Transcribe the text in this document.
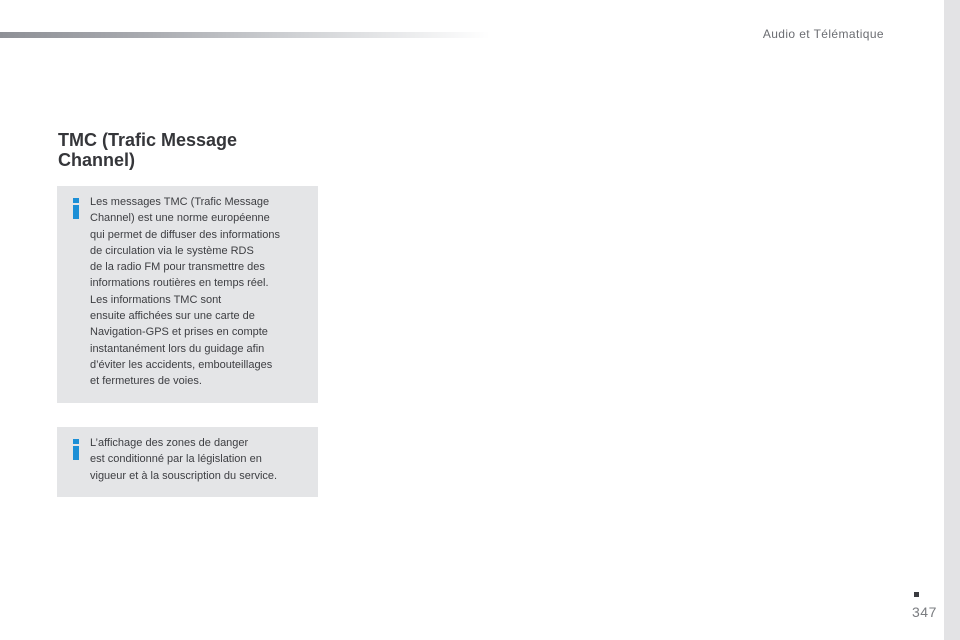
Audio et Télématique
TMC (Trafic Message Channel)

Les messages TMC (Trafic Message
Channel) est une norme européenne
qui permet de diffuser des informations
de circulation via le système RDS
de la radio FM pour transmettre des
informations routières en temps réel.
Les informations TMC sont
ensuite affichées sur une carte de
Navigation-GPS et prises en compte
instantanément lors du guidage afin
d’éviter les accidents, embouteillages
et fermetures de voies.

L’affichage des zones de danger
est conditionné par la législation en
vigueur et à la souscription du service.

347
